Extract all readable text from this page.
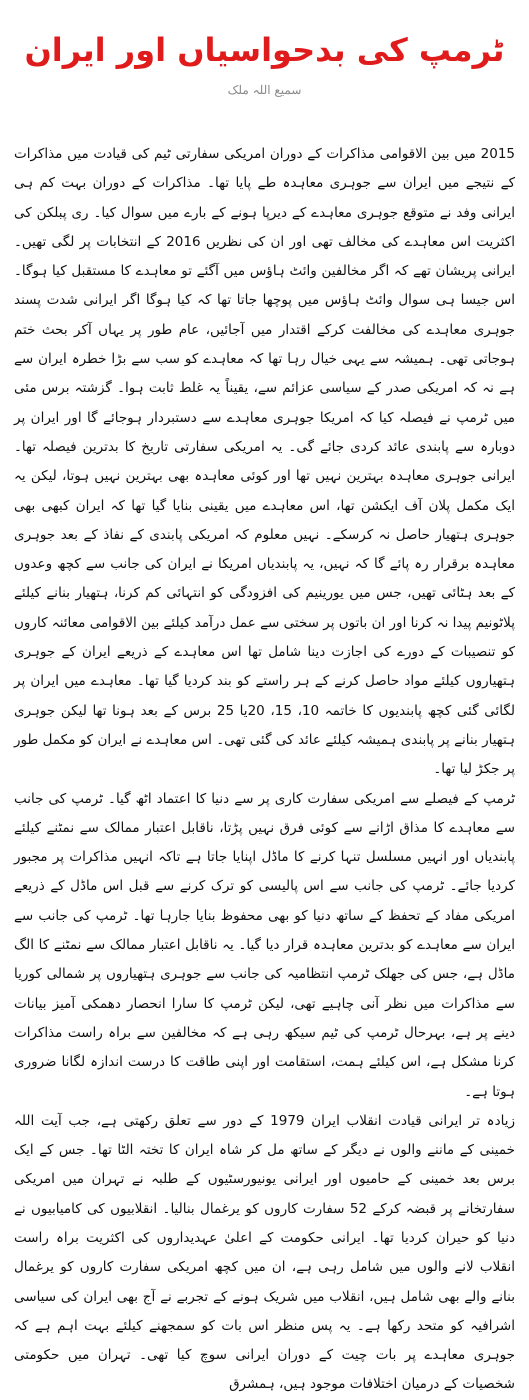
ٹرمپ کی بدحواسیاں اور ایران
سمیع اللہ ملک

2015 میں بین الاقوامی مذاکرات کے دوران امریکی سفارتی ٹیم کی قیادت میں مذاکرات کے نتیجے میں ایران سے جوہری معاہدہ طے پایا تھا۔ مذاکرات کے دوران بہت کم ہی ایرانی وفد نے متوقع جوہری معاہدے کے دیرپا ہونے کے بارے میں سوال کیا۔ ری پبلکن کی اکثریت اس معاہدے کی مخالف تھی اور ان کی نظریں 2016 کے انتخابات پر لگی تھیں۔ ایرانی پریشان تھے کہ اگر مخالفین وائٹ ہاؤس میں آگئے تو معاہدے کا مستقبل کیا ہوگا۔ اس جیسا ہی سوال وائٹ ہاؤس میں پوچھا جاتا تھا کہ کیا ہوگا اگر ایرانی شدت پسند جوہری معاہدے کی مخالفت کرکے اقتدار میں آجائیں، عام طور پر یہاں آکر بحث ختم ہوجاتی تھی۔ ہمیشہ سے یہی خیال رہا تھا کہ معاہدے کو سب سے بڑا خطرہ ایران سے ہے نہ کہ امریکی صدر کے سیاسی عزائم سے، یقیناً یہ غلط ثابت ہوا۔ گزشتہ برس مئی میں ٹرمپ نے فیصلہ کیا کہ امریکا جوہری معاہدے سے دستبردار ہوجائے گا اور ایران پر دوبارہ سے پابندی عائد کردی جائے گی۔ یہ امریکی سفارتی تاریخ کا بدترین فیصلہ تھا۔ ایرانی جوہری معاہدہ بہترین نہیں تھا اور کوئی معاہدہ بھی بہترین نہیں ہوتا، لیکن یہ ایک مکمل پلان آف ایکشن تھا، اس معاہدے میں یقینی بنایا گیا تھا کہ ایران کبھی بھی جوہری ہتھیار حاصل نہ کرسکے۔ نہیں معلوم کہ امریکی پابندی کے نفاذ کے بعد جوہری معاہدہ برقرار رہ پائے گا کہ نہیں، یہ پابندیاں امریکا نے ایران کی جانب سے کچھ وعدوں کے بعد ہٹائی تھیں، جس میں یورینیم کی افزودگی کو انتہائی کم کرنا، ہتھیار بنانے کیلئے پلاٹونیم پیدا نہ کرنا اور ان باتوں پر سختی سے عمل درآمد کیلئے بین الاقوامی معائنہ کاروں کو تنصیبات کے دورے کی اجازت دینا شامل تھا اس معاہدے کے ذریعے ایران کے جوہری ہتھیاروں کیلئے مواد حاصل کرنے کے ہر راستے کو بند کردیا گیا تھا۔ معاہدے میں ایران پر لگائی گئی کچھ پابندیوں کا خاتمہ 10، 15، 20یا 25 برس کے بعد ہونا تھا لیکن جوہری ہتھیار بنانے پر پابندی ہمیشہ کیلئے عائد کی گئی تھی۔ اس معاہدے نے ایران کو مکمل طور پر جکڑ لیا تھا۔

ٹرمپ کے فیصلے سے امریکی سفارت کاری پر سے دنیا کا اعتماد اٹھ گیا۔ ٹرمپ کی جانب سے معاہدے کا مذاق اڑانے سے کوئی فرق نہیں پڑتا، ناقابل اعتبار ممالک سے نمٹنے کیلئے پابندیاں اور انہیں مسلسل تنہا کرنے کا ماڈل اپنایا جاتا ہے تاکہ انہیں مذاکرات پر مجبور کردیا جائے۔ ٹرمپ کی جانب سے اس پالیسی کو ترک کرنے سے قبل اس ماڈل کے ذریعے امریکی مفاد کے تحفظ کے ساتھ دنیا کو بھی محفوظ بنایا جارہا تھا۔ ٹرمپ کی جانب سے ایران سے معاہدے کو بدترین معاہدہ قرار دیا گیا۔ یہ ناقابل اعتبار ممالک سے نمٹنے کا الگ ماڈل ہے، جس کی جھلک ٹرمپ انتظامیہ کی جانب سے جوہری ہتھیاروں پر شمالی کوریا سے مذاکرات میں نظر آنی چاہیے تھی، لیکن ٹرمپ کا سارا انحصار دھمکی آمیز بیانات دینے پر ہے، بہرحال ٹرمپ کی ٹیم سیکھ رہی ہے کہ مخالفین سے براہ راست مذاکرات کرنا مشکل ہے، اس کیلئے ہمت، استقامت اور اپنی طاقت کا درست اندازہ لگانا ضروری ہوتا ہے۔

زیادہ تر ایرانی قیادت انقلاب ایران 1979 کے دور سے تعلق رکھتی ہے، جب آیت اللہ خمینی کے ماننے والوں نے دیگر کے ساتھ مل کر شاہ ایران کا تختہ الٹا تھا۔ جس کے ایک برس بعد خمینی کے حامیوں اور ایرانی یونیورسٹیوں کے طلبہ نے تہران میں امریکی سفارتخانے پر قبضہ کرکے 52 سفارت کاروں کو یرغمال بنالیا۔ انقلابیوں کی کامیابیوں نے دنیا کو حیران کردیا تھا۔ ایرانی حکومت کے اعلیٰ عہدیداروں کی اکثریت براہ راست انقلاب لانے والوں میں شامل رہی ہے، ان میں کچھ امریکی سفارت کاروں کو یرغمال بنانے والے بھی شامل ہیں، انقلاب میں شریک ہونے کے تجربے نے آج بھی ایران کی سیاسی اشرافیہ کو متحد رکھا ہے۔ یہ پس منظر اس بات کو سمجھنے کیلئے بہت اہم ہے کہ جوہری معاہدے پر بات چیت کے دوران ایرانی سوچ کیا تھی۔ تہران میں حکومتی شخصیات کے درمیان اختلافات موجود ہیں، ہمشرق
